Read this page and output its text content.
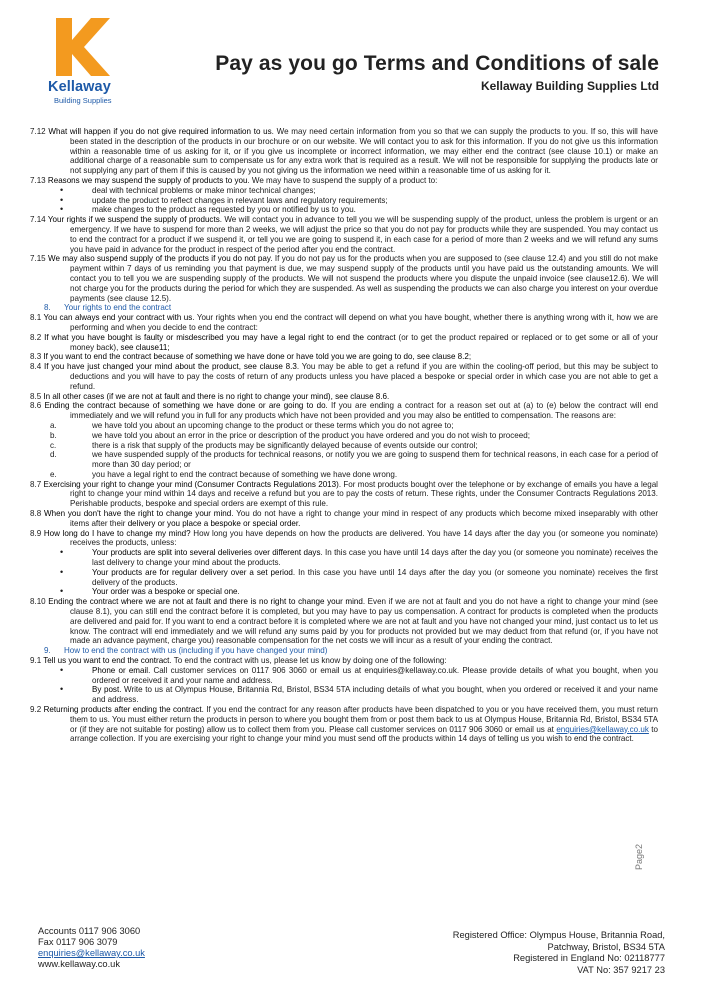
Kellaway
Building Supplies
Pay as you go Terms and Conditions of sale
Kellaway Building Supplies Ltd

7.12 What will happen if you do not give required information to us. We may need certain information from you so that we can supply the products to you. If so, this will have been stated in the description of the products in our brochure or on our website. We will contact you to ask for this information. If you do not give us this information within a reasonable time of us asking for it, or if you give us incomplete or incorrect information, we may either end the contract (see clause 10.1) or make an additional charge of a reasonable sum to compensate us for any extra work that is required as a result. We will not be responsible for supplying the products late or not supplying any part of them if this is caused by you not giving us the information we need within a reasonable time of us asking for it.

7.13 Reasons we may suspend the supply of products to you. We may have to suspend the supply of a product to:

•	deal with technical problems or make minor technical changes;

•	update the product to reflect changes in relevant laws and regulatory requirements;

•	make changes to the product as requested by you or notified by us to you.

7.14 Your rights if we suspend the supply of products. We will contact you in advance to tell you we will be suspending supply of the product, unless the problem is urgent or an emergency. If we have to suspend for more than 2 weeks, we will adjust the price so that you do not pay for products while they are suspended. You may contact us to end the contract for a product if we suspend it, or tell you we are going to suspend it, in each case for a period of more than 2 weeks and we will refund any sums you have paid in advance for the product in respect of the period after you end the contract.

7.15 We may also suspend supply of the products if you do not pay. If you do not pay us for the products when you are supposed to (see clause 12.4) and you still do not make payment within 7 days of us reminding you that payment is due, we may suspend supply of the products until you have paid us the outstanding amounts. We will contact you to tell you we are suspending supply of the products. We will not suspend the products where you dispute the unpaid invoice (see clause12.6). We will not charge you for the products during the period for which they are suspended. As well as suspending the products we can also charge you interest on your overdue payments (see clause 12.5).

8. Your rights to end the contract

8.1 You can always end your contract with us. Your rights when you end the contract will depend on what you have bought, whether there is anything wrong with it, how we are performing and when you decide to end the contract:

8.2 If what you have bought is faulty or misdescribed you may have a legal right to end the contract (or to get the product repaired or replaced or to get some or all of your money back), see clause11;

8.3 If you want to end the contract because of something we have done or have told you we are going to do, see clause 8.2;

8.4 If you have just changed your mind about the product, see clause 8.3. You may be able to get a refund if you are within the cooling-off period, but this may be subject to deductions and you will have to pay the costs of return of any products unless you have placed a bespoke or special order in which case you are not able to get a refund.

8.5 In all other cases (if we are not at fault and there is no right to change your mind), see clause 8.6.

8.6 Ending the contract because of something we have done or are going to do. If you are ending a contract for a reason set out at (a) to (e) below the contract will end immediately and we will refund you in full for any products which have not been provided and you may also be entitled to compensation. The reasons are:

a.	we have told you about an upcoming change to the product or these terms which you do not agree to;

b.	we have told you about an error in the price or description of the product you have ordered and you do not wish to proceed;

c.	there is a risk that supply of the products may be significantly delayed because of events outside our control;

d.	we have suspended supply of the products for technical reasons, or notify you we are going to suspend them for technical reasons, in each case for a period of more than 30 day period; or

e.	you have a legal right to end the contract because of something we have done wrong.

8.7 Exercising your right to change your mind (Consumer Contracts Regulations 2013). For most products bought over the telephone or by exchange of emails you have a legal right to change your mind within 14 days and receive a refund but you are to pay the costs of return. These rights, under the Consumer Contracts Regulations 2013. Perishable products, bespoke and special orders are exempt of this rule.

8.8 When you don't have the right to change your mind. You do not have a right to change your mind in respect of any products which become mixed inseparably with other items after their delivery or you place a bespoke or special order.

8.9 How long do I have to change my mind? How long you have depends on how the products are delivered. You have 14 days after the day you (or someone you nominate) receives the products, unless:

•	Your products are split into several deliveries over different days. In this case you have until 14 days after the day you (or someone you nominate) receives the last delivery to change your mind about the products.

•	Your products are for regular delivery over a set period. In this case you have until 14 days after the day you (or someone you nominate) receives the first delivery of the products.

•	Your order was a bespoke or special one.

8.10 Ending the contract where we are not at fault and there is no right to change your mind. Even if we are not at fault and you do not have a right to change your mind (see clause 8.1), you can still end the contract before it is completed, but you may have to pay us compensation. A contract for products is completed when the products are delivered and paid for. If you want to end a contract before it is completed where we are not at fault and you have not changed your mind, just contact us to let us know. The contract will end immediately and we will refund any sums paid by you for products not provided but we may deduct from that refund (or, if you have not made an advance payment, charge you) reasonable compensation for the net costs we will incur as a result of your ending the contract.

9. How to end the contract with us (including if you have changed your mind)

9.1 Tell us you want to end the contract. To end the contract with us, please let us know by doing one of the following:

•	Phone or email. Call customer services on 0117 906 3060 or email us at enquiries@kellaway.co.uk. Please provide details of what you bought, when you ordered or received it and your name and address.

•	By post. Write to us at Olympus House, Britannia Rd, Bristol, BS34 5TA including details of what you bought, when you ordered or received it and your name and address.

9.2 Returning products after ending the contract. If you end the contract for any reason after products have been dispatched to you or you have received them, you must return them to us. You must either return the products in person to where you bought them from or post them back to us at Olympus House, Britannia Rd, Bristol, BS34 5TA or (if they are not suitable for posting) allow us to collect them from you. Please call customer services on 0117 906 3060 or email us at enquiries@kellaway.co.uk to arrange collection. If you are exercising your right to change your mind you must send off the products within 14 days of telling us you wish to end the contract.

Page2
Accounts 0117 906 3060
Fax 0117 906 3079
enquiries@kellaway.co.uk
www.kellaway.co.uk
Registered Office: Olympus House, Britannia Road,
Patchway, Bristol, BS34 5TA
Registered in England No: 02118777
VAT No: 357 9217 23
